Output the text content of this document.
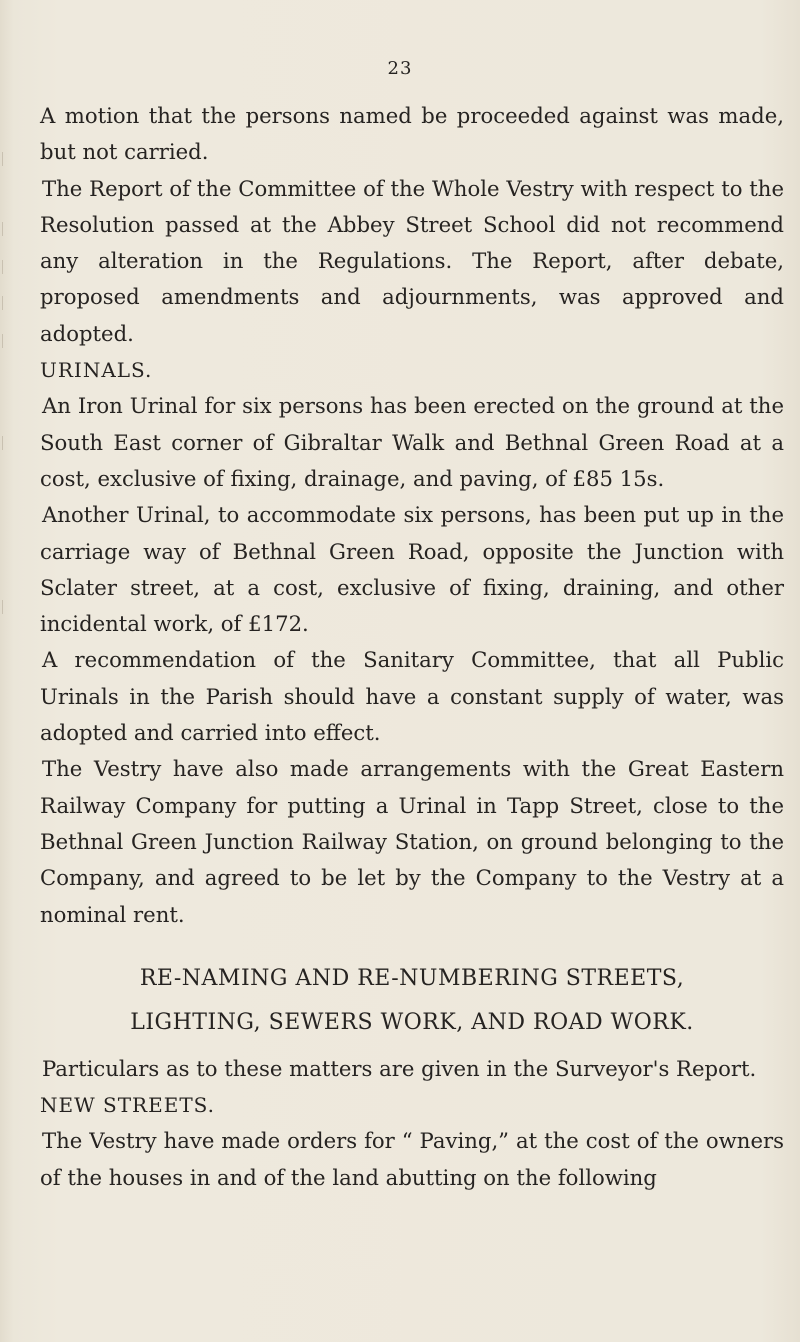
23

A motion that the persons named be proceeded against was made, but not carried.

The Report of the Committee of the Whole Vestry with respect to the Resolution passed at the Abbey Street School did not recommend any alteration in the Regulations. The Report, after debate, proposed amendments and adjournments, was approved and adopted.

URINALS.

An Iron Urinal for six persons has been erected on the ground at the South East corner of Gibraltar Walk and Bethnal Green Road at a cost, exclusive of fixing, drainage, and paving, of £85 15s.

Another Urinal, to accommodate six persons, has been put up in the carriage way of Bethnal Green Road, opposite the Junction with Sclater street, at a cost, exclusive of fixing, draining, and other incidental work, of £172.

A recommendation of the Sanitary Committee, that all Public Urinals in the Parish should have a constant supply of water, was adopted and carried into effect.

The Vestry have also made arrangements with the Great Eastern Railway Company for putting a Urinal in Tapp Street, close to the Bethnal Green Junction Railway Station, on ground belonging to the Company, and agreed to be let by the Company to the Vestry at a nominal rent.

RE-NAMING AND RE-NUMBERING STREETS,
LIGHTING, SEWERS WORK, AND ROAD WORK.

Particulars as to these matters are given in the Surveyor's Report.

NEW STREETS.

The Vestry have made orders for “ Paving,” at the cost of the owners of the houses in and of the land abutting on the following
